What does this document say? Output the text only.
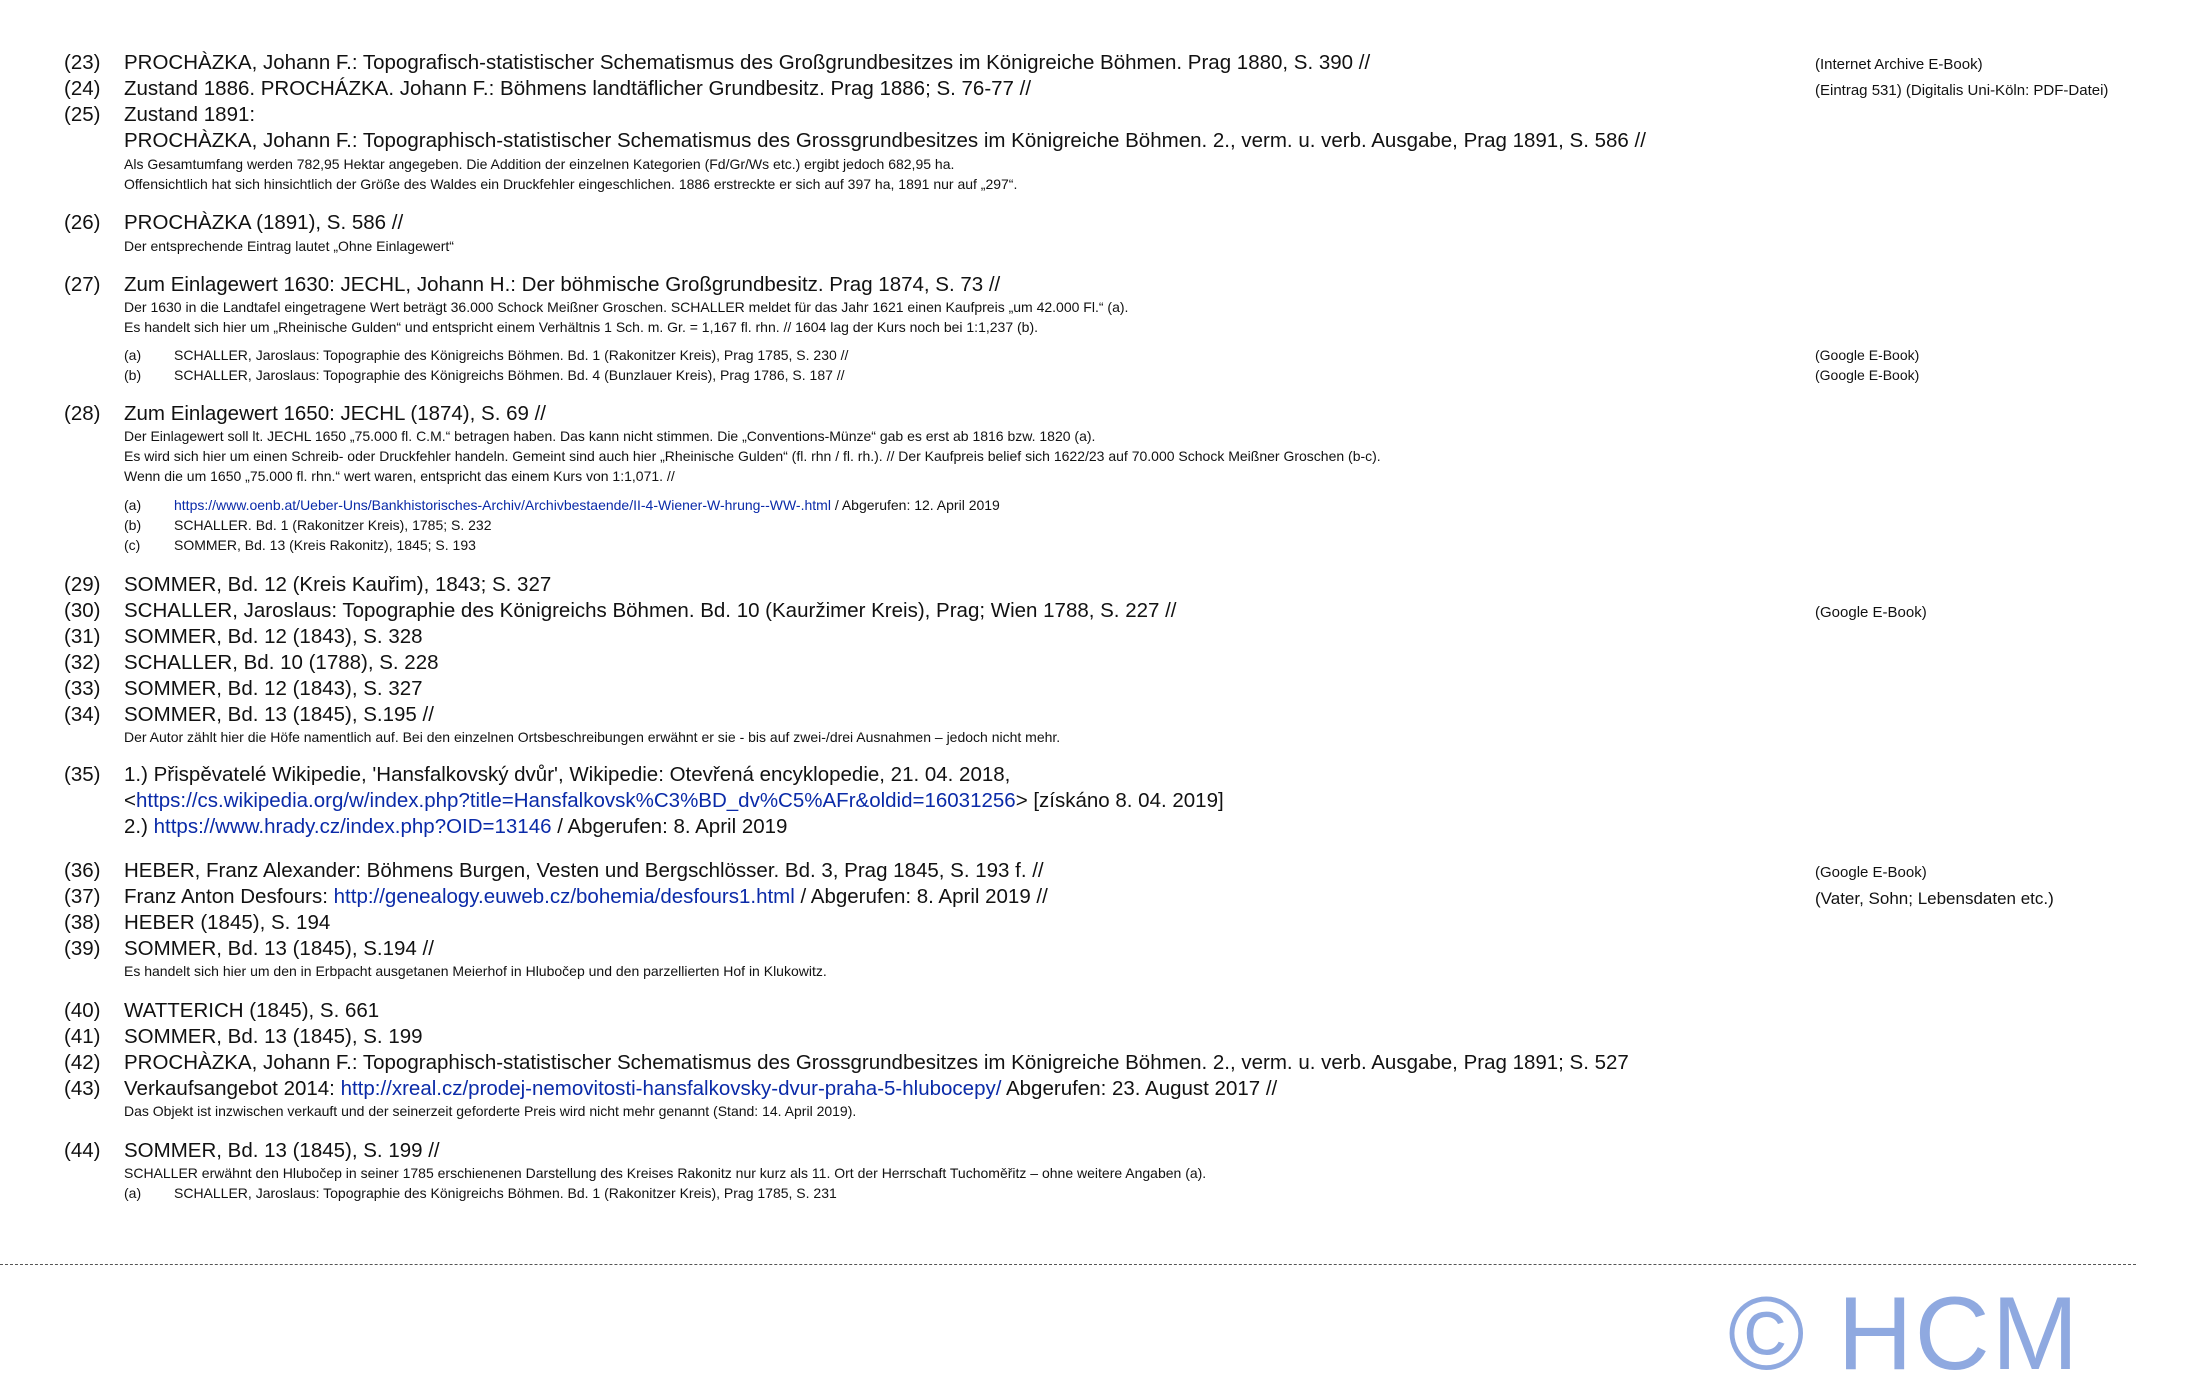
(23) PROCHÀZKA, Johann F.: Topografisch-statistischer Schematismus des Großgrundbesitzes im Königreiche Böhmen. Prag 1880, S. 390 //	(Internet Archive E-Book)
(24) Zustand 1886. PROCHÁZKA. Johann F.: Böhmens landtäflicher Grundbesitz. Prag 1886; S. 76-77 //	(Eintrag 531) (Digitalis Uni-Köln: PDF-Datei)
(25) Zustand 1891:
PROCHÀZKA, Johann F.: Topographisch-statistischer Schematismus des Grossgrundbesitzes im Königreiche Böhmen. 2., verm. u. verb. Ausgabe, Prag 1891, S. 586 //
Als Gesamtumfang werden 782,95 Hektar angegeben. Die Addition der einzelnen Kategorien (Fd/Gr/Ws etc.) ergibt jedoch 682,95 ha.
Offensichtlich hat sich hinsichtlich der Größe des Waldes ein Druckfehler eingeschlichen. 1886 erstreckte er sich auf 397 ha, 1891 nur auf „297“.
(26) PROCHÀZKA (1891), S. 586 //
Der entsprechende Eintrag lautet „Ohne Einlagewert“
(27) Zum Einlagewert 1630: JECHL, Johann H.: Der böhmische Großgrundbesitz. Prag 1874, S. 73 //
Der 1630 in die Landtafel eingetragene Wert beträgt 36.000 Schock Meißner Groschen. SCHALLER meldet für das Jahr 1621 einen Kaufpreis „um 42.000 Fl.“ (a).
Es handelt sich hier um „Rheinische Gulden“ und entspricht einem Verhältnis 1 Sch. m. Gr. = 1,167 fl. rhn. // 1604 lag der Kurs noch bei 1:1,237 (b).
(a) SCHALLER, Jaroslaus: Topographie des Königreichs Böhmen. Bd. 1 (Rakonitzer Kreis), Prag 1785, S. 230 //	(Google E-Book)
(b) SCHALLER, Jaroslaus: Topographie des Königreichs Böhmen. Bd. 4 (Bunzlauer Kreis), Prag 1786, S. 187 //	(Google E-Book)
(28) Zum Einlagewert 1650: JECHL (1874), S. 69 //
Der Einlagewert soll lt. JECHL 1650 „75.000 fl. C.M.“ betragen haben. Das kann nicht stimmen. Die „Conventions-Münze“ gab es erst ab 1816 bzw. 1820 (a).
Es wird sich hier um einen Schreib- oder Druckfehler handeln. Gemeint sind auch hier „Rheinische Gulden“ (fl. rhn / fl. rh.). // Der Kaufpreis belief sich 1622/23 auf 70.000 Schock Meißner Groschen (b-c).
Wenn die um 1650 „75.000 fl. rhn.“ wert waren, entspricht das einem Kurs von 1:1,071. //
(a) https://www.oenb.at/Ueber-Uns/Bankhistorisches-Archiv/Archivbestaende/II-4-Wiener-W-hrung--WW-.html / Abgerufen: 12. April 2019
(b) SCHALLER. Bd. 1 (Rakonitzer Kreis), 1785; S. 232
(c) SOMMER, Bd. 13 (Kreis Rakonitz), 1845; S. 193
(29) SOMMER, Bd. 12 (Kreis Kauřim), 1843; S. 327
(30) SCHALLER, Jaroslaus: Topographie des Königreichs Böhmen. Bd. 10 (Kauržimer Kreis), Prag; Wien 1788, S. 227 //	(Google E-Book)
(31) SOMMER, Bd. 12 (1843), S. 328
(32) SCHALLER, Bd. 10 (1788), S. 228
(33) SOMMER, Bd. 12 (1843), S. 327
(34) SOMMER, Bd. 13 (1845), S.195 //
Der Autor zählt hier die Höfe namentlich auf. Bei den einzelnen Ortsbeschreibungen erwähnt er sie - bis auf zwei-/drei Ausnahmen – jedoch nicht mehr.
(35) 1.) Přispěvatelé Wikipedie, 'Hansfalkovský dvůr', Wikipedie: Otevřená encyklopedie, 21. 04. 2018,
<https://cs.wikipedia.org/w/index.php?title=Hansfalkovsk%C3%BD_dv%C5%AFr&oldid=16031256> [získáno 8. 04. 2019]
2.) https://www.hrady.cz/index.php?OID=13146 / Abgerufen: 8. April 2019
(36) HEBER, Franz Alexander: Böhmens Burgen, Vesten und Bergschlösser. Bd. 3, Prag 1845, S. 193 f. //	(Google E-Book)
(37) Franz Anton Desfours: http://genealogy.euweb.cz/bohemia/desfours1.html / Abgerufen: 8. April 2019 //	(Vater, Sohn; Lebensdaten etc.)
(38) HEBER (1845), S. 194
(39) SOMMER, Bd. 13 (1845), S.194 //
Es handelt sich hier um den in Erbpacht ausgetanen Meierhof in Hlubočep und den parzellierten Hof in Klukowitz.
(40) WATTERICH (1845), S. 661
(41) SOMMER, Bd. 13 (1845), S. 199
(42) PROCHÀZKA, Johann F.: Topographisch-statistischer Schematismus des Grossgrundbesitzes im Königreiche Böhmen. 2., verm. u. verb. Ausgabe, Prag 1891; S. 527
(43) Verkaufsangebot 2014: http://xreal.cz/prodej-nemovitosti-hansfalkovsky-dvur-praha-5-hlubocepy/ Abgerufen: 23. August 2017 //
Das Objekt ist inzwischen verkauft und der seinerzeit geforderte Preis wird nicht mehr genannt (Stand: 14. April 2019).
(44) SOMMER, Bd. 13 (1845), S. 199 //
SCHALLER erwähnt den Hlubočep in seiner 1785 erschienenen Darstellung des Kreises Rakonitz nur kurz als 11. Ort der Herrschaft Tuchoměřitz – ohne weitere Angaben (a).
(a) SCHALLER, Jaroslaus: Topographie des Königreichs Böhmen. Bd. 1 (Rakonitzer Kreis), Prag 1785, S. 231
© HCM
